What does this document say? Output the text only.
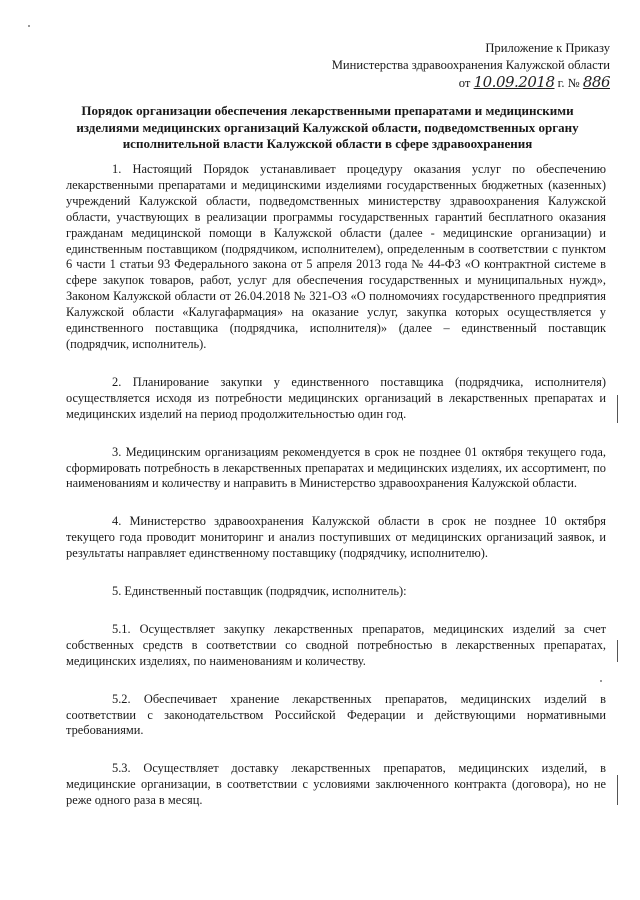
Приложение к Приказу
Министерства здравоохранения Калужской области
от 10.09.2018 г. № 886
Порядок организации обеспечения лекарственными препаратами и медицинскими изделиями медицинских организаций Калужской области, подведомственных органу исполнительной власти Калужской области в сфере здравоохранения

1. Настоящий Порядок устанавливает процедуру оказания услуг по обеспечению лекарственными препаратами и медицинскими изделиями государственных бюджетных (казенных) учреждений Калужской области, подведомственных министерству здравоохранения Калужской области, участвующих в реализации программы государственных гарантий бесплатного оказания гражданам медицинской помощи в Калужской области (далее - медицинские организации) и единственным поставщиком (подрядчиком, исполнителем), определенным в соответствии с пунктом 6 части 1 статьи 93 Федерального закона от 5 апреля 2013 года № 44-ФЗ «О контрактной системе в сфере закупок товаров, работ, услуг для обеспечения государственных и муниципальных нужд», Законом Калужской области от 26.04.2018 № 321-ОЗ «О полномочиях государственного предприятия Калужской области «Калугафармация» на оказание услуг, закупка которых осуществляется у единственного поставщика (подрядчика, исполнителя)» (далее – единственный поставщик (подрядчик, исполнитель).

2. Планирование закупки у единственного поставщика (подрядчика, исполнителя) осуществляется исходя из потребности медицинских организаций в лекарственных препаратах и медицинских изделий на период продолжительностью один год.

3. Медицинским организациям рекомендуется в срок не позднее 01 октября текущего года, сформировать потребность в лекарственных препаратах и медицинских изделиях, их ассортимент, по наименованиям и количеству и направить в Министерство здравоохранения Калужской области.

4. Министерство здравоохранения Калужской области в срок не позднее 10 октября текущего года проводит мониторинг и анализ поступивших от медицинских организаций заявок, и результаты направляет единственному поставщику (подрядчику, исполнителю).

5. Единственный поставщик (подрядчик, исполнитель):

5.1. Осуществляет закупку лекарственных препаратов, медицинских изделий за счет собственных средств в соответствии со сводной потребностью в лекарственных препаратах, медицинских изделиях, по наименованиям и количеству.

5.2. Обеспечивает хранение лекарственных препаратов, медицинских изделий в соответствии с законодательством Российской Федерации и действующими нормативными требованиями.

5.3. Осуществляет доставку лекарственных препаратов, медицинских изделий, в медицинские организации, в соответствии с условиями заключенного контракта (договора), но не реже одного раза в месяц.
